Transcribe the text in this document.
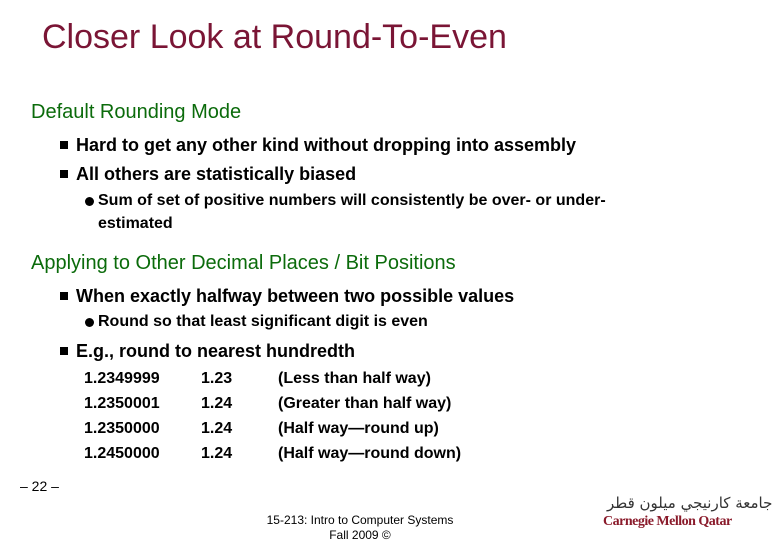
Closer Look at Round-To-Even
Default Rounding Mode
Hard to get any other kind without dropping into assembly
All others are statistically biased
Sum of set of positive numbers will consistently be over- or under-
estimated
Applying to Other Decimal Places / Bit Positions
When exactly halfway between two possible values
Round so that least significant digit is even
E.g., round to nearest hundredth
1.2349999
1.2350001
1.2350000
1.2450000
1.23
1.24
1.24
1.24
(Less than half way)
(Greater than half way)
(Half way—round up)
(Half way—round down)
– 22 –
15-213: Intro to Computer Systems
Fall 2009 ©
جامعة كارنيجي ميلون قطر
Carnegie Mellon Qatar
